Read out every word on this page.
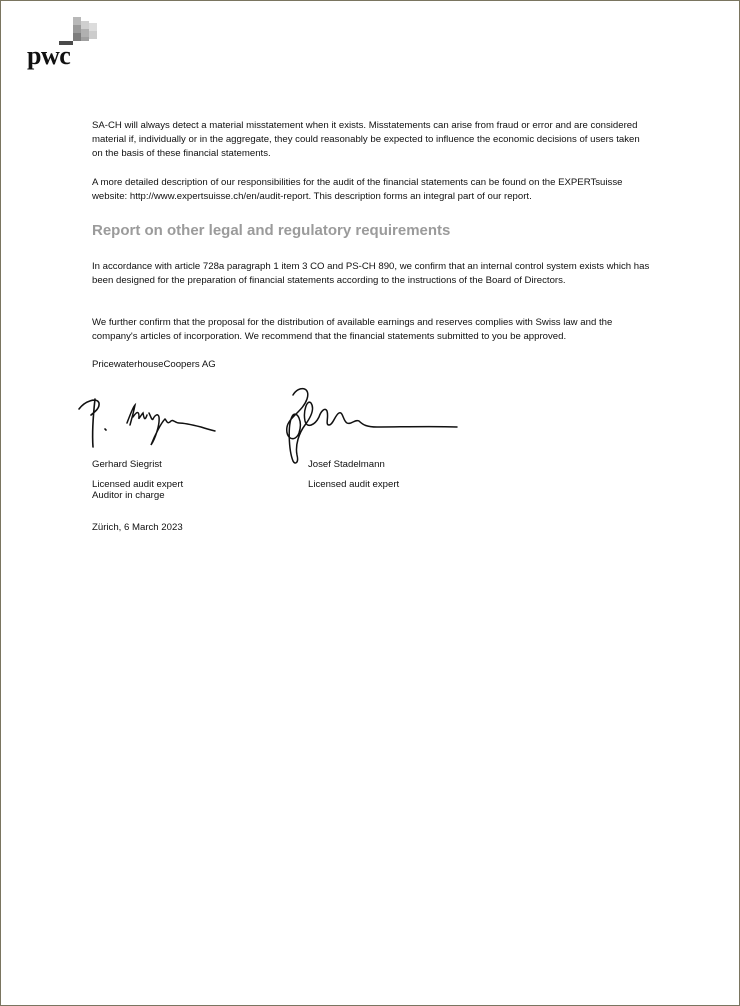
pwc

SA-CH will always detect a material misstatement when it exists. Misstatements can arise from fraud or error and are considered material if, individually or in the aggregate, they could reasonably be expected to influence the economic decisions of users taken on the basis of these financial statements.

A more detailed description of our responsibilities for the audit of the financial statements can be found on the EXPERTsuisse website: http://www.expertsuisse.ch/en/audit-report. This description forms an integral part of our report.

Report on other legal and regulatory requirements

In accordance with article 728a paragraph 1 item 3 CO and PS-CH 890, we confirm that an internal control system exists which has been designed for the preparation of financial statements according to the instructions of the Board of Directors.

We further confirm that the proposal for the distribution of available earnings and reserves complies with Swiss law and the company's articles of incorporation. We recommend that the financial statements submitted to you be approved.

PricewaterhouseCoopers AG

Gerhard Siegrist

Licensed audit expert

Auditor in charge

Josef Stadelmann

Licensed audit expert

Zürich, 6 March 2023
